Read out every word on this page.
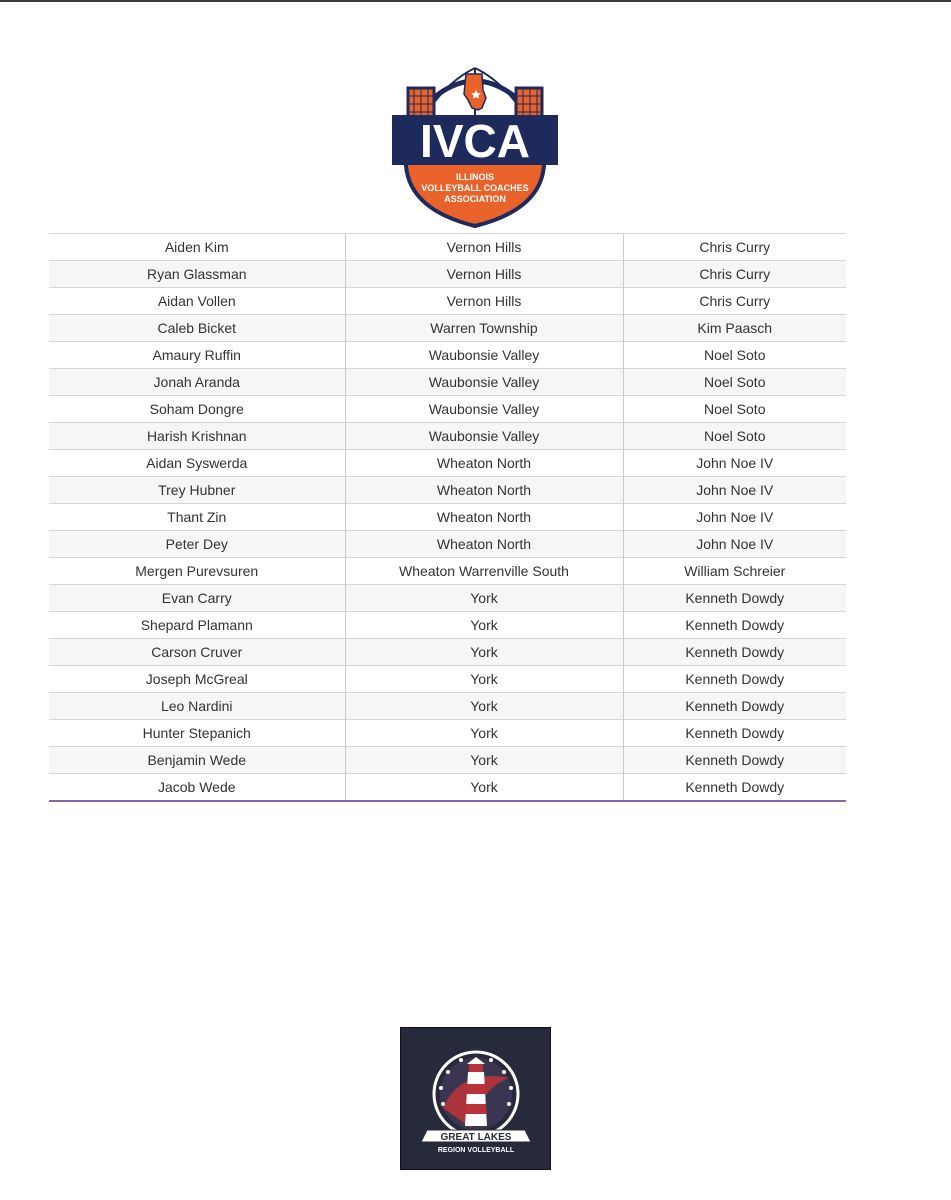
IVCA
ILLINOIS
VOLLEYBALL COACHES
ASSOCIATION
Aiden Kim	Vernon Hills	Chris Curry
Ryan Glassman	Vernon Hills	Chris Curry
Aidan Vollen	Vernon Hills	Chris Curry
Caleb Bicket	Warren Township	Kim Paasch
Amaury Ruffin	Waubonsie Valley	Noel Soto
Jonah Aranda	Waubonsie Valley	Noel Soto
Soham Dongre	Waubonsie Valley	Noel Soto
Harish Krishnan	Waubonsie Valley	Noel Soto
Aidan Syswerda	Wheaton North	John Noe IV
Trey Hubner	Wheaton North	John Noe IV
Thant Zin	Wheaton North	John Noe IV
Peter Dey	Wheaton North	John Noe IV
Mergen Purevsuren	Wheaton Warrenville South	William Schreier
Evan Carry	York	Kenneth Dowdy
Shepard Plamann	York	Kenneth Dowdy
Carson Cruver	York	Kenneth Dowdy
Joseph McGreal	York	Kenneth Dowdy
Leo Nardini	York	Kenneth Dowdy
Hunter Stepanich	York	Kenneth Dowdy
Benjamin Wede	York	Kenneth Dowdy
Jacob Wede	York	Kenneth Dowdy
GREAT LAKES
REGION VOLLEYBALL
